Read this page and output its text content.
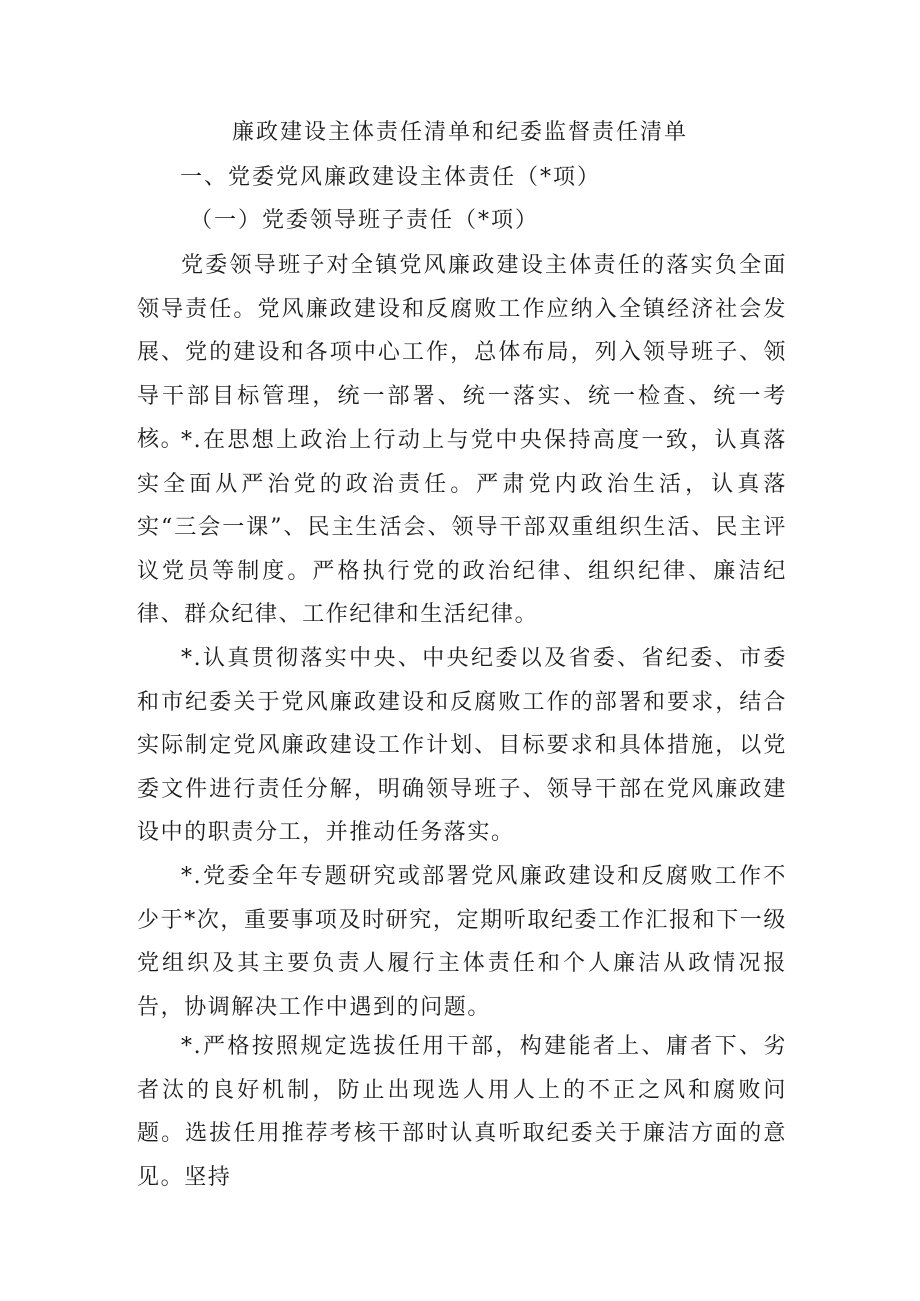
廉政建设主体责任清单和纪委监督责任清单
一、党委党风廉政建设主体责任（*项）
（一）党委领导班子责任（*项）

党委领导班子对全镇党风廉政建设主体责任的落实负全面领导责任。党风廉政建设和反腐败工作应纳入全镇经济社会发展、党的建设和各项中心工作，总体布局，列入领导班子、领导干部目标管理，统一部署、统一落实、统一检查、统一考核。

*.在思想上政治上行动上与党中央保持高度一致，认真落实全面从严治党的政治责任。严肃党内政治生活，认真落实“三会一课”、民主生活会、领导干部双重组织生活、民主评议党员等制度。严格执行党的政治纪律、组织纪律、廉洁纪律、群众纪律、工作纪律和生活纪律。

*.认真贯彻落实中央、中央纪委以及省委、省纪委、市委和市纪委关于党风廉政建设和反腐败工作的部署和要求，结合实际制定党风廉政建设工作计划、目标要求和具体措施，以党委文件进行责任分解，明确领导班子、领导干部在党风廉政建设中的职责分工，并推动任务落实。

*.党委全年专题研究或部署党风廉政建设和反腐败工作不少于*次，重要事项及时研究，定期听取纪委工作汇报和下一级党组织及其主要负责人履行主体责任和个人廉洁从政情况报告，协调解决工作中遇到的问题。

*.严格按照规定选拔任用干部，构建能者上、庸者下、劣者汰的良好机制，防止出现选人用人上的不正之风和腐败问题。选拔任用推荐考核干部时认真听取纪委关于廉洁方面的意见。坚持
